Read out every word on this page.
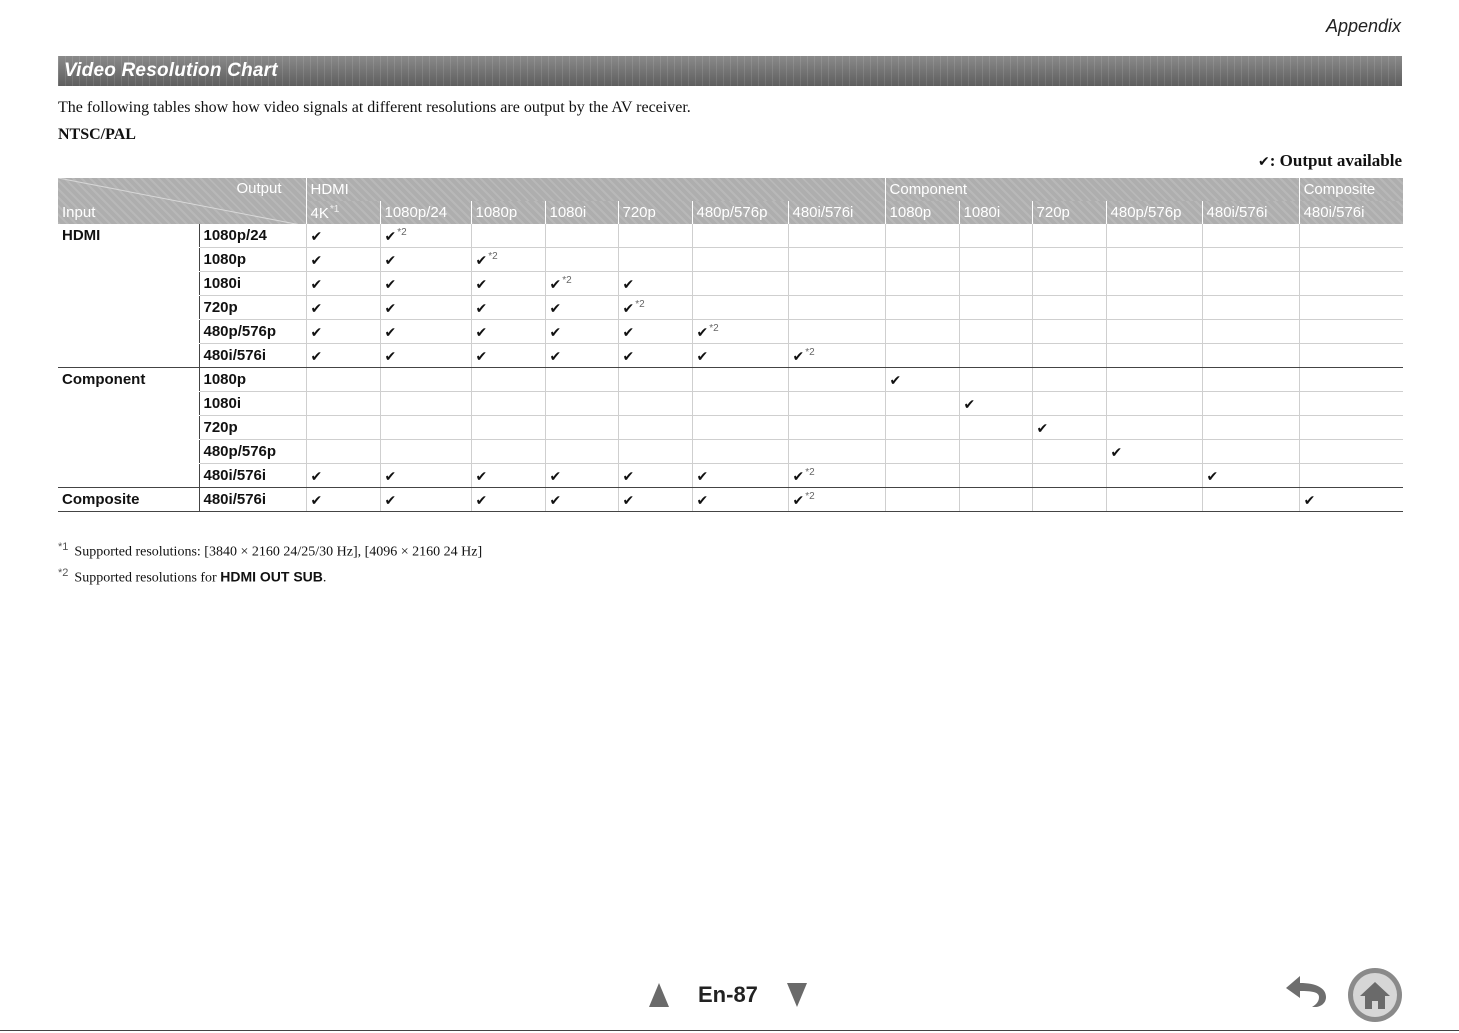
Appendix
Video Resolution Chart
The following tables show how video signals at different resolutions are output by the AV receiver.
NTSC/PAL
✔: Output available
Output
Input		HDMI							Component					Composite
		4K$^{*1}$	1080p/24	1080p	1080i	720p	480p/576p	480i/576i	1080p	1080i	720p	480p/576p	480i/576i	480i/576i
HDMI	1080p/24	✔	✔$^{*2}$											
	1080p	✔	✔	✔$^{*2}$										
	1080i	✔	✔	✔	✔$^{*2}$	✔								
	720p	✔	✔	✔	✔	✔$^{*2}$								
	480p/576p	✔	✔	✔	✔	✔	✔$^{*2}$							
	480i/576i	✔	✔	✔	✔	✔	✔	✔$^{*2}$						
Component	1080p								✔					
	1080i									✔				
	720p										✔			
	480p/576p											✔		
	480i/576i	✔	✔	✔	✔	✔	✔	✔$^{*2}$					✔	
Composite	480i/576i	✔	✔	✔	✔	✔	✔	✔$^{*2}$						✔
$^{*1}$ Supported resolutions: [3840 × 2160 24/25/30 Hz], [4096 × 2160 24 Hz]
$^{*2}$ Supported resolutions for HDMI OUT SUB.
En-87
